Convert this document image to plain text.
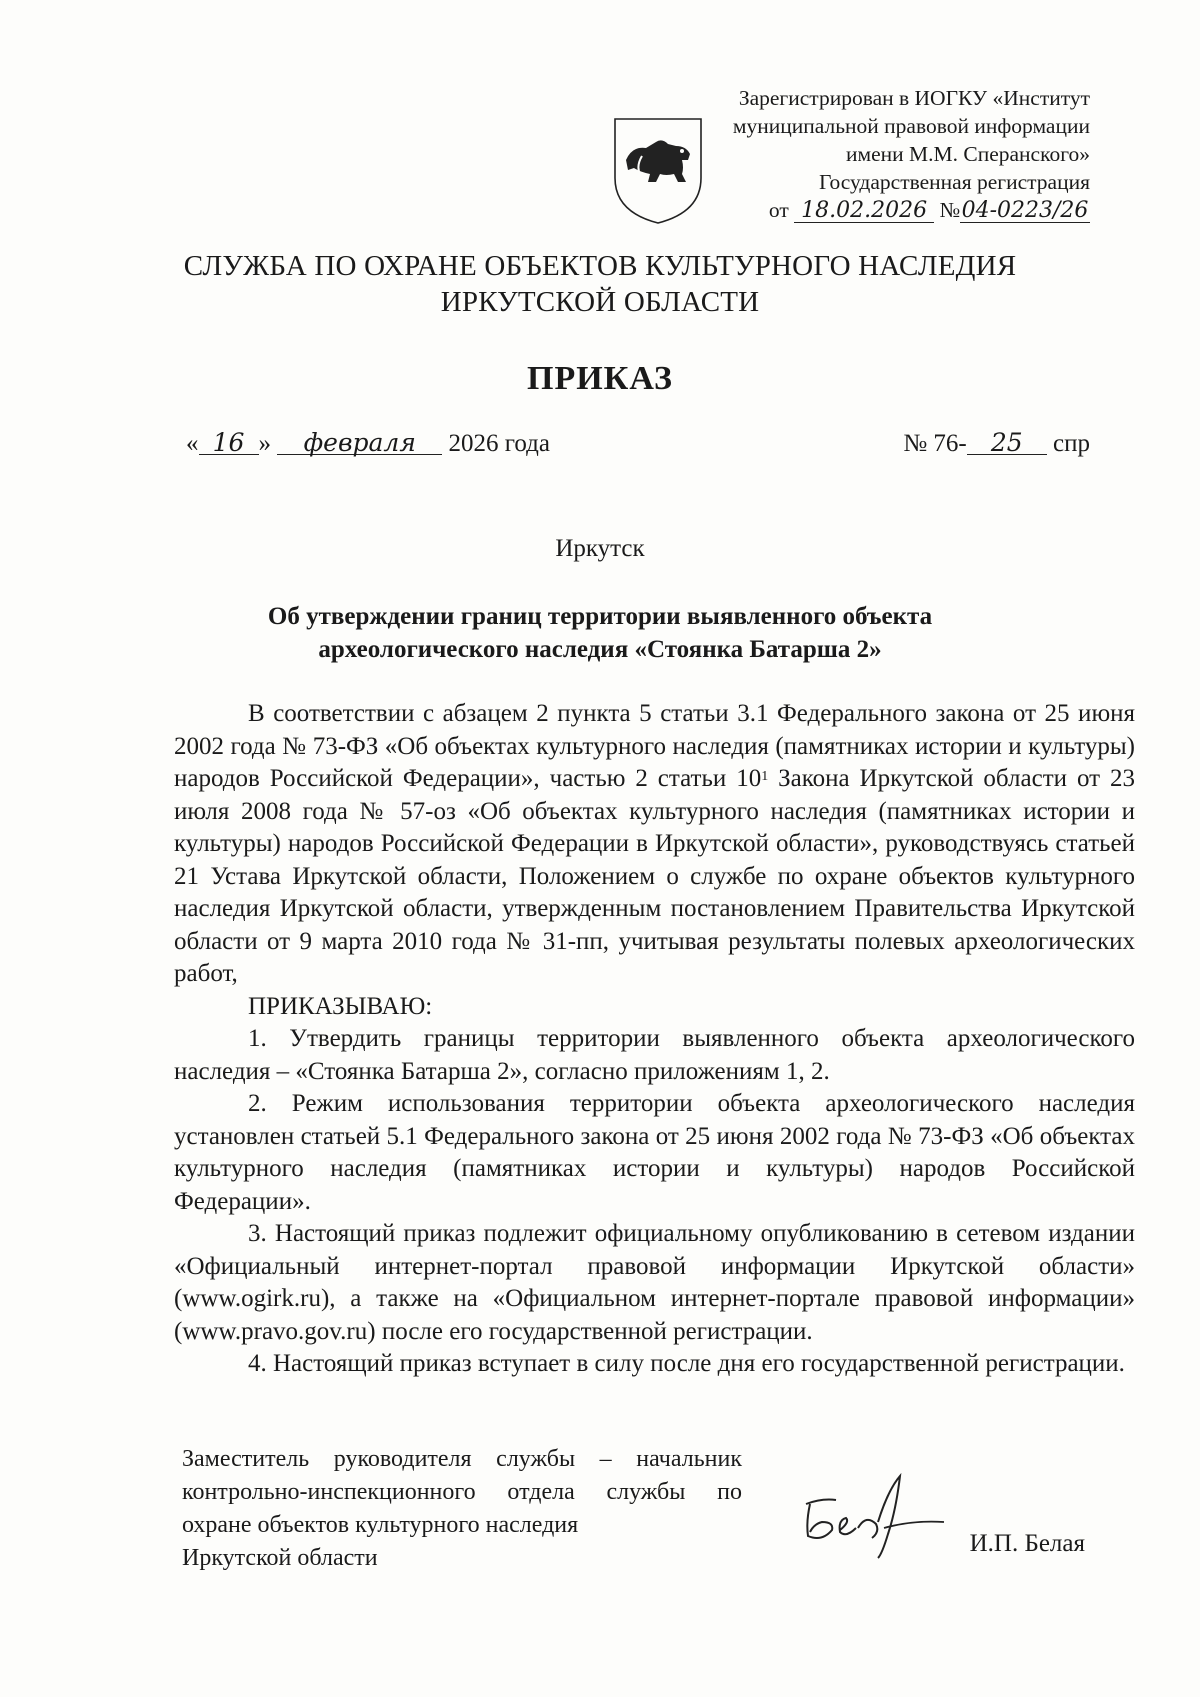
Зарегистрирован в ИОГКУ «Институт
муниципальной правовой информации
имени М.М. Сперанского»
Государственная регистрация
от 18.02.2026 №04-0223/26
СЛУЖБА ПО ОХРАНЕ ОБЪЕКТОВ КУЛЬТУРНОГО НАСЛЕДИЯ
ИРКУТСКОЙ ОБЛАСТИ
ПРИКАЗ
« 16 » февраля 2026 года	№ 76- 25 спр
Иркутск
Об утверждении границ территории выявленного объекта
археологического наследия «Стоянка Батарша 2»

В соответствии с абзацем 2 пункта 5 статьи 3.1 Федерального закона от 25 июня 2002 года № 73-ФЗ «Об объектах культурного наследия (памятниках истории и культуры) народов Российской Федерации», частью 2 статьи $10^1$ Закона Иркутской области от 23 июля 2008 года № 57-оз «Об объектах культурного наследия (памятниках истории и культуры) народов Российской Федерации в Иркутской области», руководствуясь статьей 21 Устава Иркутской области, Положением о службе по охране объектов культурного наследия Иркутской области, утвержденным постановлением Правительства Иркутской области от 9 марта 2010 года № 31-пп, учитывая результаты полевых археологических работ,

ПРИКАЗЫВАЮ:

1. Утвердить границы территории выявленного объекта археологического наследия – «Стоянка Батарша 2», согласно приложениям 1, 2.

2. Режим использования территории объекта археологического наследия установлен статьей 5.1 Федерального закона от 25 июня 2002 года № 73-ФЗ «Об объектах культурного наследия (памятниках истории и культуры) народов Российской Федерации».

3. Настоящий приказ подлежит официальному опубликованию в сетевом издании «Официальный интернет-портал правовой информации Иркутской области» (www.ogirk.ru), а также на «Официальном интернет-портале правовой информации» (www.pravo.gov.ru) после его государственной регистрации.

4. Настоящий приказ вступает в силу после дня его государственной регистрации.

Заместитель руководителя службы – начальник
контрольно-инспекционного отдела службы по
охране объектов культурного наследия
Иркутской области
И.П. Белая
